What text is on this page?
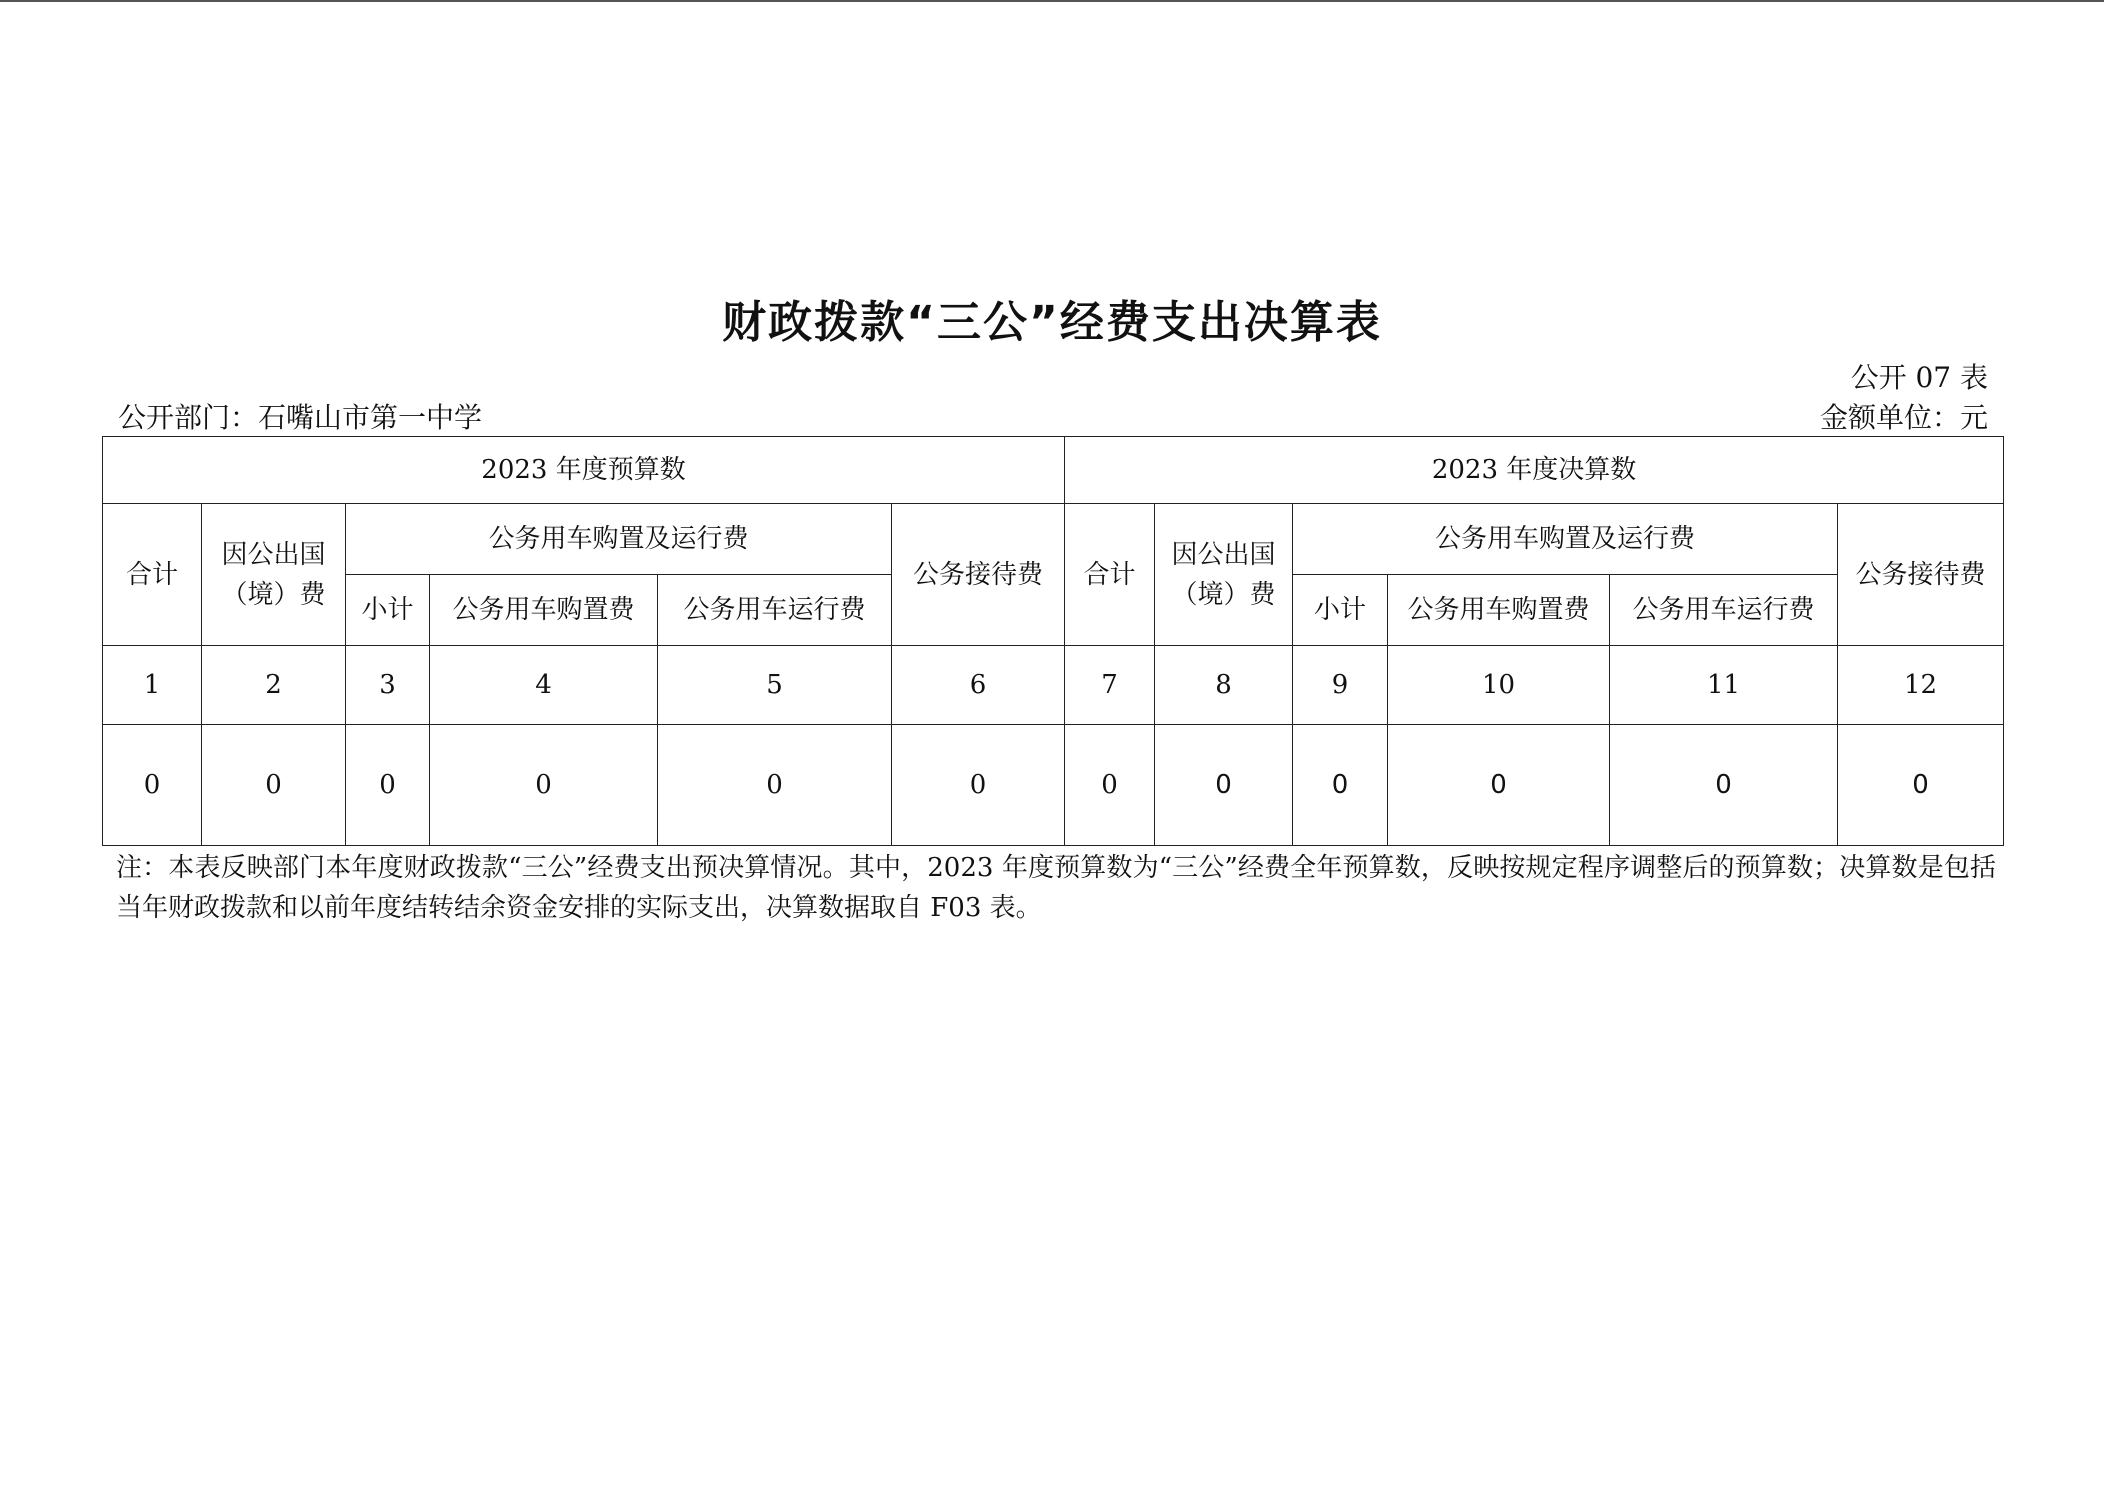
财政拨款“三公”经费支出决算表
公开 07 表
公开部门：石嘴山市第一中学	金额单位：元
2023 年度预算数						2023 年度决算数					
合计	因公出国（境）费	公务用车购置及运行费			公务接待费	合计	因公出国（境）费	公务用车购置及运行费			公务接待费
		小计	公务用车购置费	公务用车运行费				小计	公务用车购置费	公务用车运行费	
1	2	3	4	5	6	7	8	9	10	11	12
0	0	0	0	0	0	0	0	0	0	0	0
注：本表反映部门本年度财政拨款“三公”经费支出预决算情况。其中，2023 年度预算数为“三公”经费全年预算数，反映按规定程序调整后的预算数；决算数是包括当年财政拨款和以前年度结转结余资金安排的实际支出，决算数据取自 F03 表。
